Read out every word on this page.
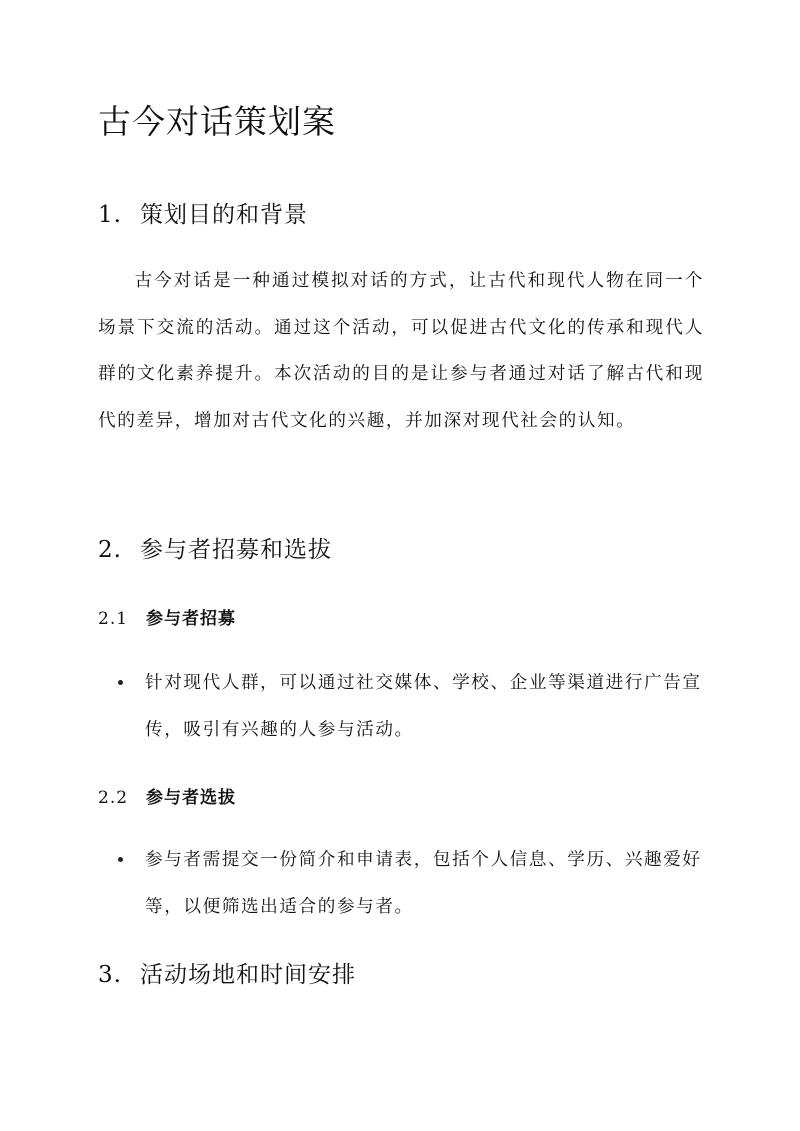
古今对话策划案
1. 策划目的和背景

古今对话是一种通过模拟对话的方式，让古代和现代人物在同一个场景下交流的活动。通过这个活动，可以促进古代文化的传承和现代人群的文化素养提升。本次活动的目的是让参与者通过对话了解古代和现代的差异，增加对古代文化的兴趣，并加深对现代社会的认知。

2. 参与者招募和选拔
2.1 参与者招募
针对现代人群，可以通过社交媒体、学校、企业等渠道进行广告宣传，吸引有兴趣的人参与活动。
2.2 参与者选拔
参与者需提交一份简介和申请表，包括个人信息、学历、兴趣爱好等，以便筛选出适合的参与者。
3. 活动场地和时间安排
